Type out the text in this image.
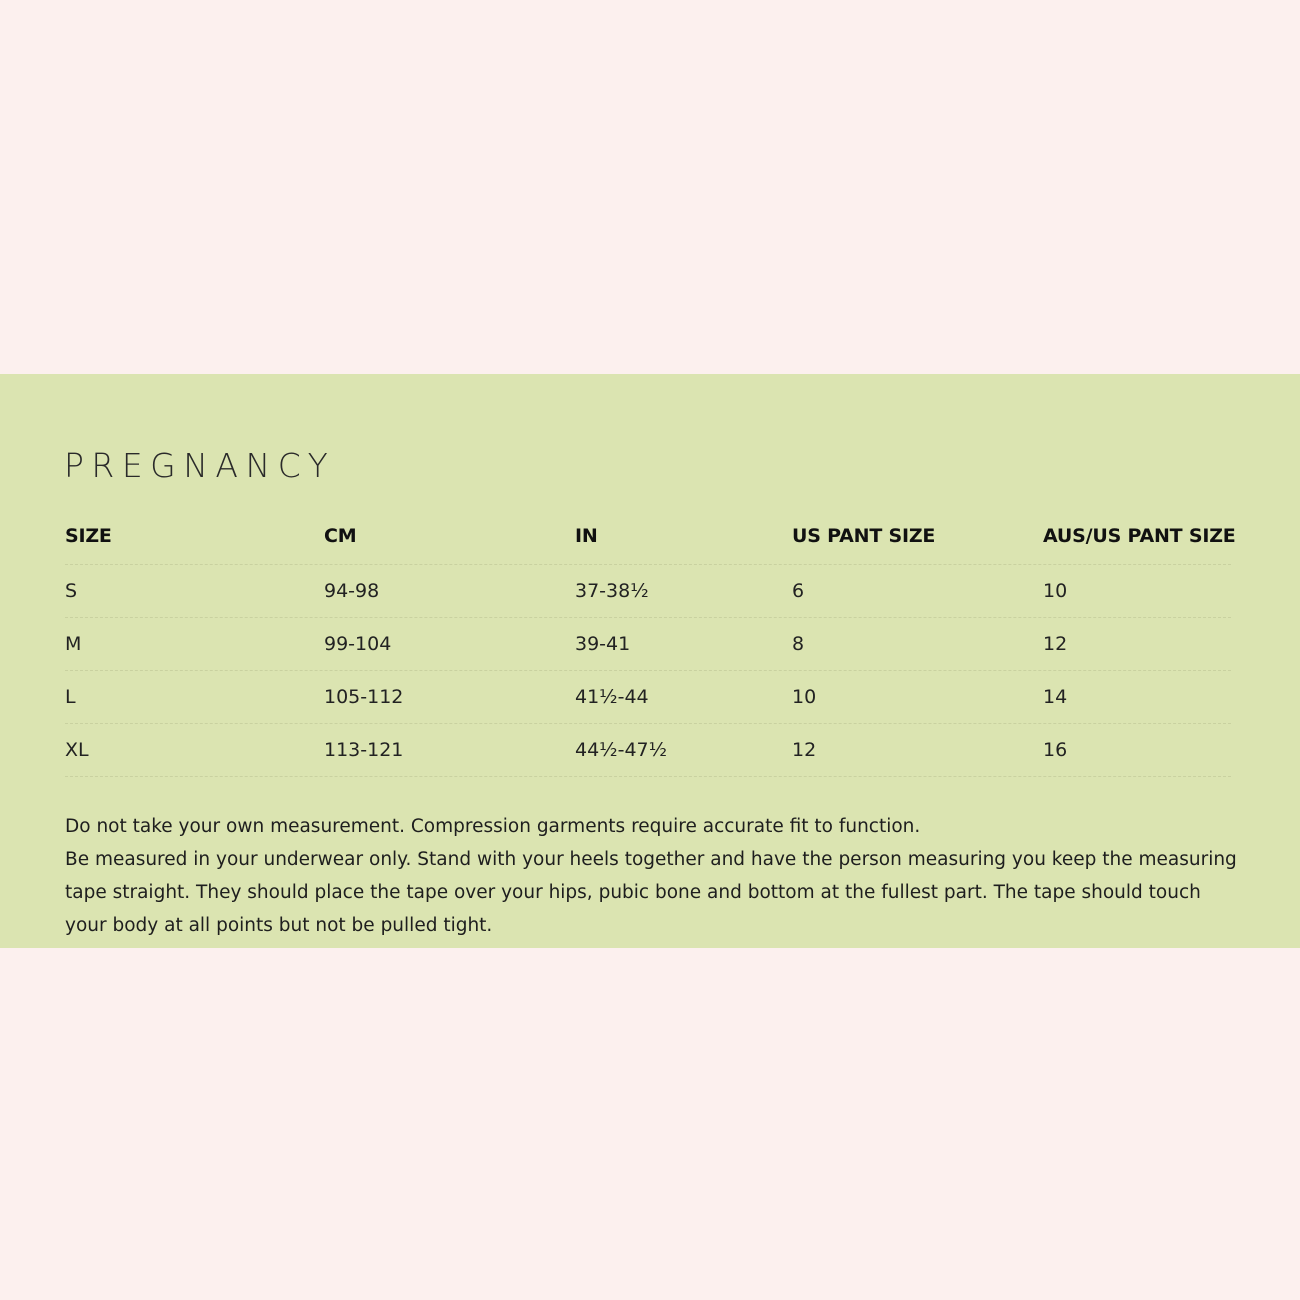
PREGNANCY
SIZE	CM	IN	US PANT SIZE	AUS/US PANT SIZE
S	94-98	37-38½	6	10
M	99-104	39-41	8	12
L	105-112	41½-44	10	14
XL	113-121	44½-47½	12	16

Do not take your own measurement. Compression garments require accurate fit to function.

Be measured in your underwear only. Stand with your heels together and have the person measuring you keep the measuring tape straight. They should place the tape over your hips, pubic bone and bottom at the fullest part. The tape should touch your body at all points but not be pulled tight.
